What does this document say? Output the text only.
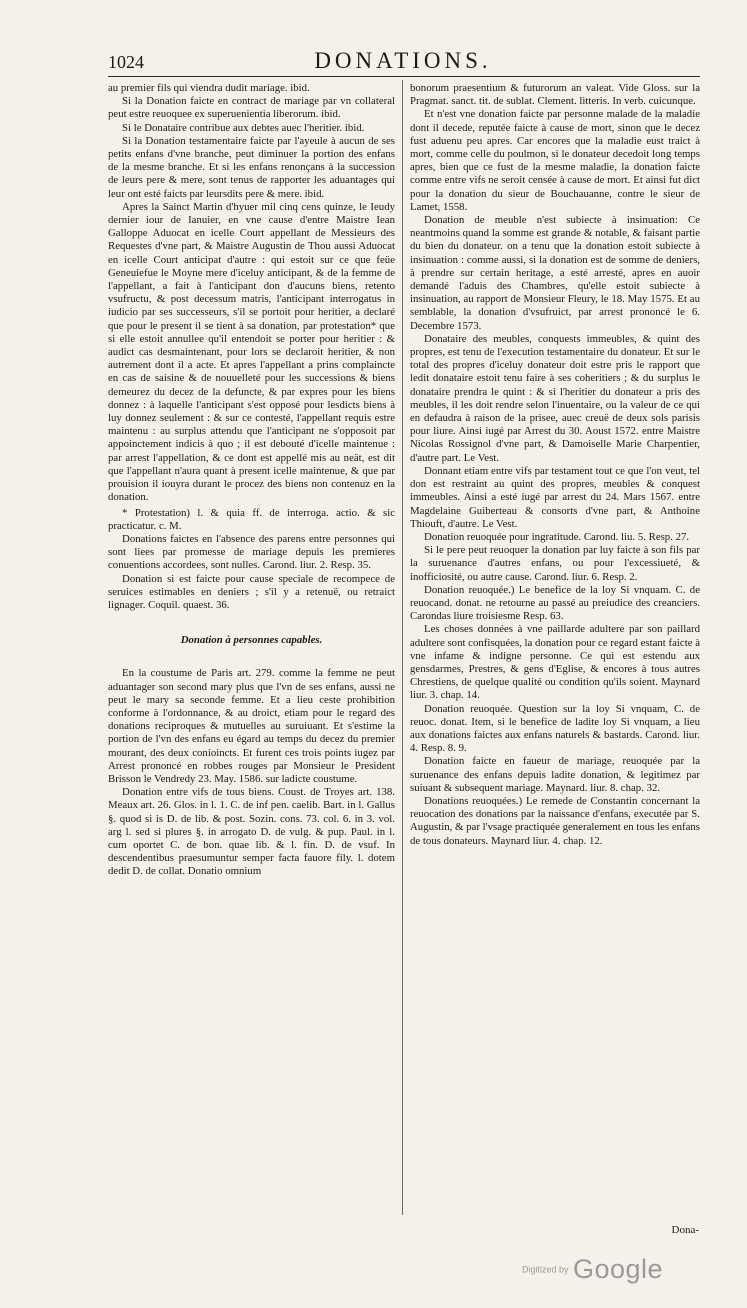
1024	DONATIONS.

au premier fils qui viendra dudit mariage. ibid.

Si la Donation faicte en contract de mariage par vn collateral peut estre reuoquee ex superuenientia liberorum. ibid.

Si le Donataire contribue aux debtes auec l'heritier. ibid.

Si la Donation testamentaire faicte par l'ayeule à aucun de ses petits enfans d'vne branche, peut diminuer la portion des enfans de la mesme branche. Et si les enfans renonçans à la succession de leurs pere & mere, sont tenus de rapporter les aduantages qui leur ont esté faicts par leursdits pere & mere. ibid.

Apres la Sainct Martin d'hyuer mil cinq cens quinze, le Ieudy dernier iour de Ianuier, en vne cause d'entre Maistre Iean Galloppe Aduocat en icelle Court appellant de Messieurs des Requestes d'vne part, & Maistre Augustin de Thou aussi Aduocat en icelle Court anticipat d'autre : qui estoit sur ce que feüe Geneuiefue le Moyne mere d'iceluy anticipant, & de la femme de l'appellant, a fait à l'anticipant don d'aucuns biens, retento vsufructu, & post decessum matris, l'anticipant interrogatus in iudicio par ses successeurs, s'il se portoit pour heritier, a declaré que pour le present il se tient à sa donation, par protestation* que si elle estoit annullee qu'il entendoit se porter pour heritier : & audict cas desmaintenant, pour lors se declaroit heritier, & non autrement dont il a acte. Et apres l'appellant a prins complaincte en cas de saisine & de nouuelleté pour les successions & biens demeurez du decez de la defuncte, & par expres pour les biens donnez : à laquelle l'anticipant s'est opposé pour lesdicts biens à luy donnez seulement : & sur ce contesté, l'appellant requis estre maintenu : au surplus attendu que l'anticipant ne s'opposoit par appoinctement indicis à quo ; il est debouté d'icelle maintenue : par arrest l'appellation, & ce dont est appellé mis au neät, est dit que l'appellant n'aura quant à present icelle maintenue, & que par prouision il iouyra durant le procez des biens non contenuz en la donation.

* Protestation) l. & quia ff. de interroga. actio. & sic practicatur. c. M.

Donations faictes en l'absence des parens entre personnes qui sont liees par promesse de mariage depuis les premieres conuentions accordees, sont nulles. Carond. liur. 2. Resp. 35.

Donation si est faicte pour cause speciale de recompece de seruices estimables en deniers ; s'il y a retenuë, ou retraict lignager. Coquil. quaest. 36.

Donation à personnes capables.

En la coustume de Paris art. 279. comme la femme ne peut aduantager son second mary plus que l'vn de ses enfans, aussi ne peut le mary sa seconde femme. Et a lieu ceste prohibition conforme à l'ordonnance, & au droict, etiam pour le regard des donations reciproques & mutuelles au suruiuant. Et s'estime la portion de l'vn des enfans eu égard au temps du decez du premier mourant, des deux conioincts. Et furent ces trois points iugez par Arrest prononcé en robbes rouges par Monsieur le President Brisson le Vendredy 23. May. 1586. sur ladicte coustume.

Donation entre vifs de tous biens. Coust. de Troyes art. 138. Meaux art. 26. Glos. in l. 1. C. de inf pen. caelib. Bart. in l. Gallus §. quod si is D. de lib. & post. Sozin. cons. 73. col. 6. in 3. vol. arg l. sed si plures §. in arrogato D. de vulg. & pup. Paul. in l. cum oportet C. de bon. quae lib. & l. fin. D. de vsuf. In descendentibus praesumuntur semper facta fauore fily. l. dotem dedit D. de collat. Donatio omnium

bonorum praesentium & futurorum an valeat. Vide Gloss. sur la Pragmat. sanct. tit. de sublat. Clement. litteris. In verb. cuicunque.

Et n'est vne donation faicte par personne malade de la maladie dont il decede, reputée faicte à cause de mort, sinon que le decez fust aduenu peu apres. Car encores que la maladie eust traict à mort, comme celle du poulmon, si le donateur decedoit long temps apres, bien que ce fust de la mesme maladie, la donation faicte comme entre vifs ne seroit censée à cause de mort. Et ainsi fut dict pour la donation du sieur de Bouchauanne, contre le sieur de Lamet, 1558.

Donation de meuble n'est subiecte à insinuation: Ce neantmoins quand la somme est grande & notable, & faisant partie du bien du donateur. on a tenu que la donation estoit subiecte à insinuation : comme aussi, si la donation est de somme de deniers, à prendre sur certain heritage, a esté arresté, apres en auoir demandé l'aduis des Chambres, qu'elle estoit subiecte à insinuation, au rapport de Monsieur Fleury, le 18. May 1575. Et au semblable, la donation d'vsufruict, par arrest prononcé le 6. Decembre 1573.

Donataire des meubles, conquests immeubles, & quint des propres, est tenu de l'execution testamentaire du donateur. Et sur le total des propres d'iceluy donateur doit estre pris le rapport que ledit donataire estoit tenu faire à ses coheritiers ; & du surplus le donataire prendra le quint : & si l'heritier du donateur a pris des meubles, il les doit rendre selon l'inuentaire, ou la valeur de ce qui en defaudra à raison de la prisee, auec creuë de deux sols parisis pour liure. Ainsi iugé par Arrest du 30. Aoust 1572. entre Maistre Nicolas Rossignol d'vne part, & Damoiselle Marie Charpentier, d'autre part. Le Vest.

Donnant etiam entre vifs par testament tout ce que l'on veut, tel don est restraint au quint des propres, meubles & conquest immeubles. Ainsi a esté iugé par arrest du 24. Mars 1567. entre Magdelaine Guiberteau & consorts d'vne part, & Anthoine Thiouft, d'autre. Le Vest.

Donation reuoquée pour ingratitude. Carond. liu. 5. Resp. 27.

Si le pere peut reuoquer la donation par luy faicte à son fils par la suruenance d'autres enfans, ou pour l'excessiueté, & inofficiosité, ou autre cause. Carond. liur. 6. Resp. 2.

Donation reuoquée.) Le benefice de la loy Si vnquam. C. de reuocand. donat. ne retourne au passé au preiudice des creanciers. Carondas liure troisiesme Resp. 63.

Les choses données à vne paillarde adultere par son paillard adultere sont confisquées, la donation pour ce regard estant faicte à vne infame & indigne personne. Ce qui est estendu aux gensdarmes, Prestres, & gens d'Eglise, & encores à tous autres Chrestiens, de quelque qualité ou condition qu'ils soient. Maynard liur. 3. chap. 14.

Donation reuoquée. Question sur la loy Si vnquam, C. de reuoc. donat. Item, si le benefice de ladite loy Si vnquam, a lieu aux donations faictes aux enfans naturels & bastards. Carond. liur. 4. Resp. 8. 9.

Donation faicte en faueur de mariage, reuoquée par la suruenance des enfans depuis ladite donation, & legitimez par suiuant & subsequent mariage. Maynard. liur. 8. chap. 32.

Donations reuoquées.) Le remede de Constantin concernant la reuocation des donations par la naissance d'enfans, executée par S. Augustin, & par l'vsage practiquée generalement en tous les enfans de tous donateurs. Maynard liur. 4. chap. 12.

Dona-
Digitized by Google
